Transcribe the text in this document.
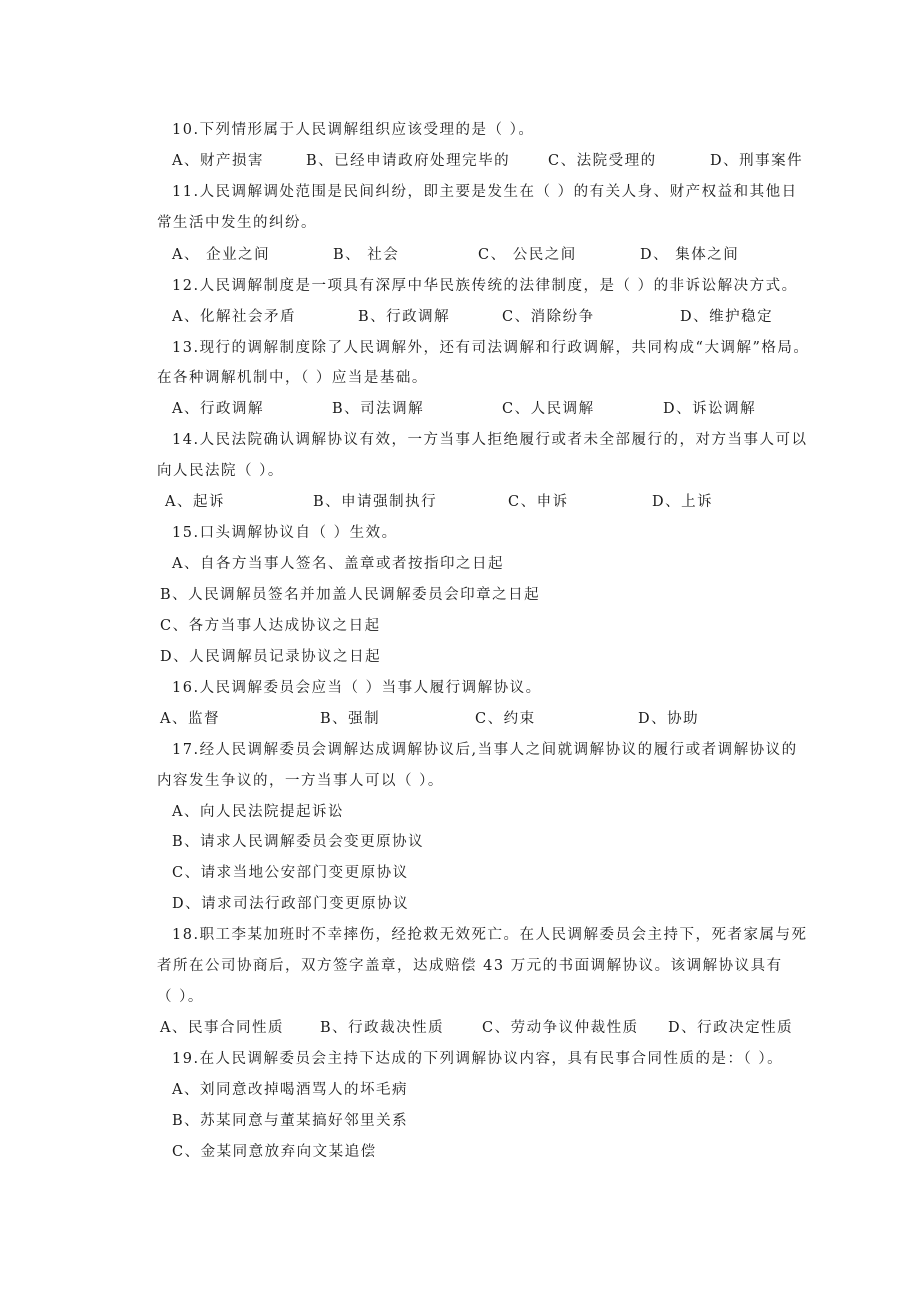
10.下列情形属于人民调解组织应该受理的是（ ）。
A、财产损害	B、已经申请政府处理完毕的	C、法院受理的	D、刑事案件
11.人民调解调处范围是民间纠纷，即主要是发生在（ ）的有关人身、财产权益和其他日
常生活中发生的纠纷。
A、 企业之间	B、 社会	C、 公民之间	D、 集体之间
12.人民调解制度是一项具有深厚中华民族传统的法律制度，是（ ）的非诉讼解决方式。
A、化解社会矛盾	B、行政调解	C、消除纷争	D、维护稳定
13.现行的调解制度除了人民调解外，还有司法调解和行政调解，共同构成“大调解”格局。
在各种调解机制中，（ ）应当是基础。
A、行政调解	B、司法调解	C、人民调解	D、诉讼调解
14.人民法院确认调解协议有效，一方当事人拒绝履行或者未全部履行的，对方当事人可以
向人民法院（ ）。
A、起诉	B、申请强制执行	C、申诉	D、上诉
15.口头调解协议自（ ）生效。
A、自各方当事人签名、盖章或者按指印之日起
B、人民调解员签名并加盖人民调解委员会印章之日起
C、各方当事人达成协议之日起
D、人民调解员记录协议之日起
16.人民调解委员会应当（ ）当事人履行调解协议。
A、监督	B、强制	C、约束	D、协助
17.经人民调解委员会调解达成调解协议后,当事人之间就调解协议的履行或者调解协议的
内容发生争议的，一方当事人可以（ ）。
A、向人民法院提起诉讼
B、请求人民调解委员会变更原协议
C、请求当地公安部门变更原协议
D、请求司法行政部门变更原协议
18.职工李某加班时不幸摔伤，经抢救无效死亡。在人民调解委员会主持下，死者家属与死
者所在公司协商后，双方签字盖章，达成赔偿 43 万元的书面调解协议。该调解协议具有
（ ）。
A、民事合同性质 B、行政裁决性质	C、劳动争议仲裁性质 D、行政决定性质
19.在人民调解委员会主持下达成的下列调解协议内容，具有民事合同性质的是：（ ）。
A、刘同意改掉喝酒骂人的坏毛病
B、苏某同意与董某搞好邻里关系
C、金某同意放弃向文某追偿
